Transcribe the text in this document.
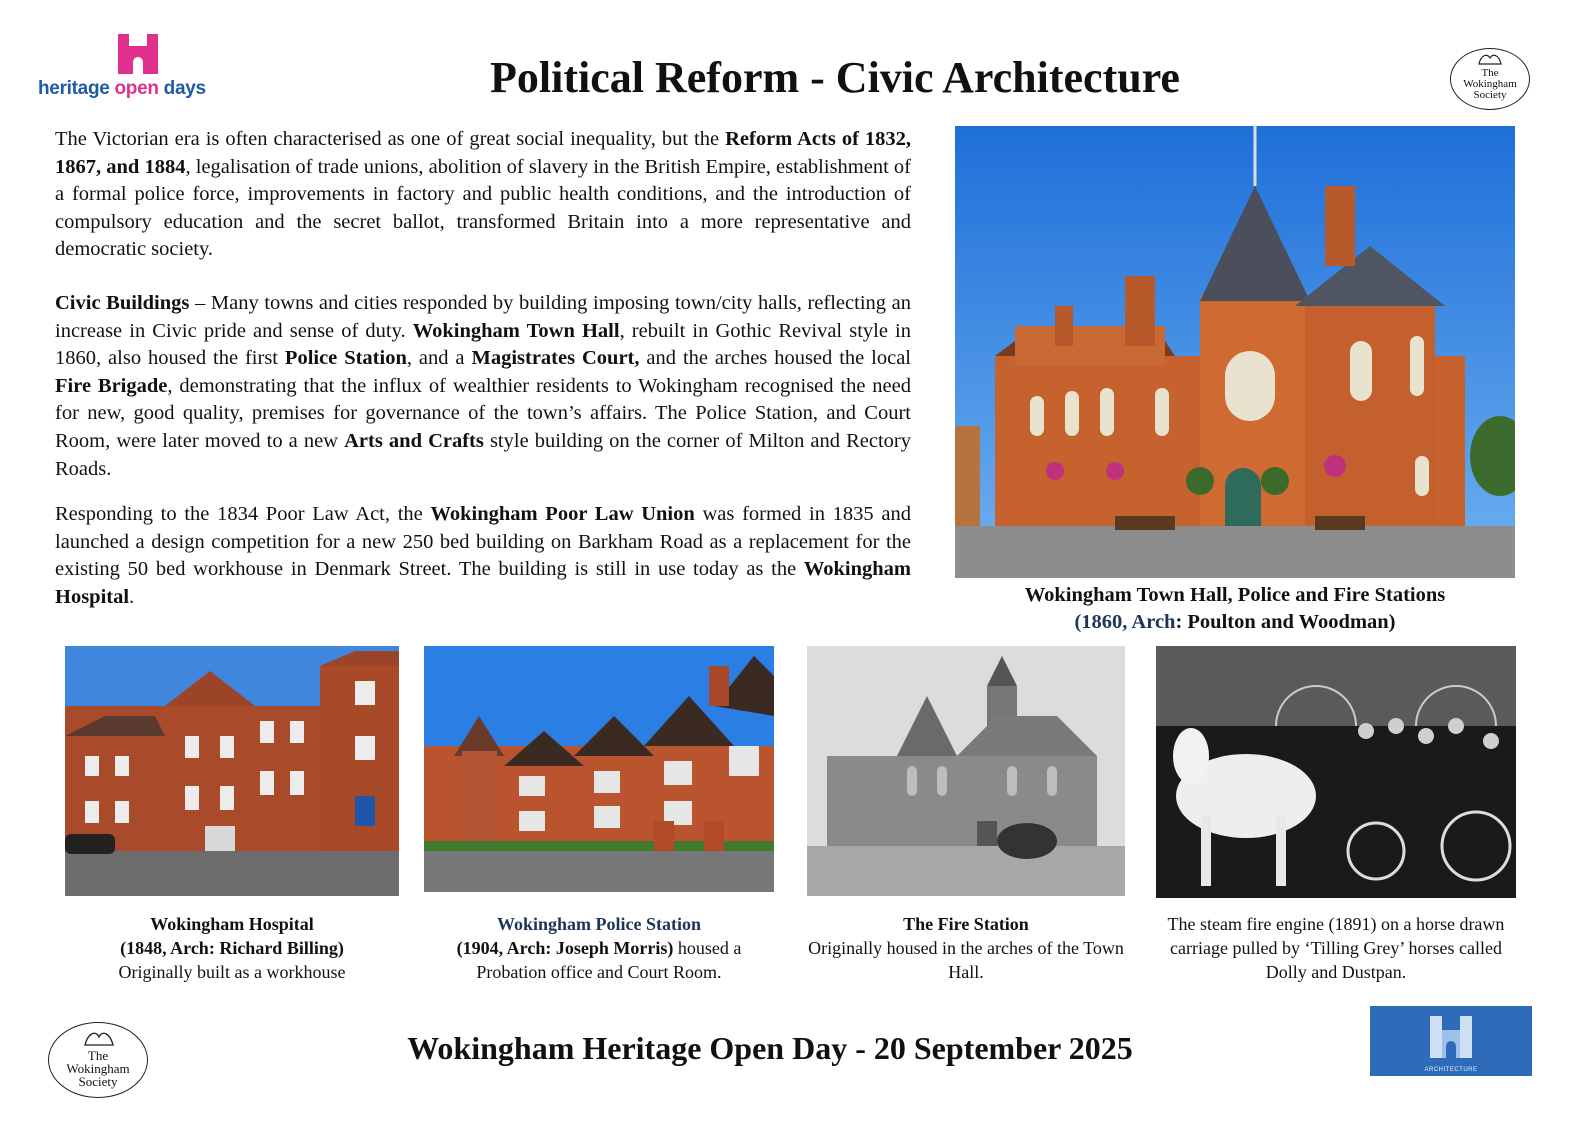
heritage open days	Political Reform - Civic Architecture	The
Wokingham
Society

The Victorian era is often characterised as one of great social inequality, but the Reform Acts of 1832, 1867, and 1884, legalisation of trade unions, abolition of slavery in the British Empire, establishment of a formal police force, improvements in factory and public health conditions, and the introduction of compulsory education and the secret ballot, transformed Britain into a more representative and democratic society.

Civic Buildings – Many towns and cities responded by building imposing town/city halls, reflecting an increase in Civic pride and sense of duty. Wokingham Town Hall, rebuilt in Gothic Revival style in 1860, also housed the first Police Station, and a Magistrates Court, and the arches housed the local Fire Brigade, demonstrating that the influx of wealthier residents to Wokingham recognised the need for new, good quality, premises for governance of the town’s affairs. The Police Station, and Court Room, were later moved to a new Arts and Crafts style building on the corner of Milton and Rectory Roads.

Responding to the 1834 Poor Law Act, the Wokingham Poor Law Union was formed in 1835 and launched a design competition for a new 250 bed building on Barkham Road as a replacement for the existing 50 bed workhouse in Denmark Street. The building is still in use today as the Wokingham Hospital.	Wokingham Town Hall, Police and Fire Stations
(1860, Arch: Poulton and Woodman)
Wokingham Hospital
(1848, Arch: Richard Billing)
Originally built as a workhouse
Wokingham Police Station
(1904, Arch: Joseph Morris) housed a
Probation office and Court Room.
The Fire Station
Originally housed in the arches of the Town Hall.
The steam fire engine (1891) on a horse drawn carriage pulled by ‘Tilling Grey’ horses called Dolly and Dustpan.
The
Wokingham
Society
Wokingham Heritage Open Day - 20 September 2025
ARCHITECTURE
